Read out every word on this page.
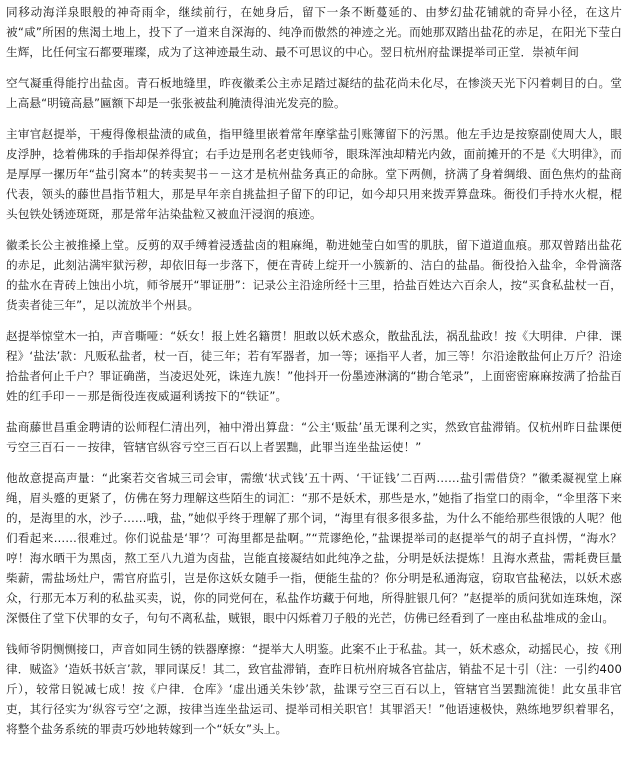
同移动海洋泉眼般的神奇雨伞，继续前行，在她身后，留下一条不断蔓延的、由梦幻盐花铺就的奇异小径，在这片被“咸”所困的焦渴土地上，投下了一道来自深海的、纯净而傲然的神迹之光。而她那双踏出盐花的赤足，在阳光下莹白生辉，比任何宝石都要璀璨，成为了这神迹最生动、最不可思议的中心。翌日杭州府盐课提举司正堂．崇祯年间

空气凝重得能拧出盐卤。青石板地缝里，昨夜徽柔公主赤足踏过凝结的盐花尚未化尽，在惨淡天光下闪着刺目的白。堂上高悬“明镜高悬”匾额下却是一张张被盐利腌渍得油光发亮的脸。

主审官赵提举，干瘦得像根盐渍的咸鱼，指甲缝里嵌着常年摩挲盐引账簿留下的污黑。他左手边是按察副使周大人，眼皮浮肿，捻着佛珠的手指却保养得宜；右手边是刑名老吏钱师爷，眼珠浑浊却精光内敛，面前摊开的不是《大明律》，而是厚厚一摞历年“盐引窝本”的转卖契书－－这才是杭州盐务真正的命脉。堂下两侧，挤满了身着绸缎、面色焦灼的盐商代表，领头的藤世昌指节粗大，那是早年亲自挑盐担子留下的印记，如今却只用来拨弄算盘珠。衙役们手持水火棍，棍头包铁处锈迹斑斑，那是常年沾染盐粒又被血汗浸润的痕迹。

徽柔长公主被推搡上堂。反剪的双手缚着浸透盐卤的粗麻绳，勒进她莹白如雪的肌肤，留下道道血痕。那双曾踏出盐花的赤足，此刻沾满牢狱污秽，却依旧每一步落下，便在青砖上绽开一小簇新的、洁白的盐晶。衙役拾入盐伞，伞骨滴落的盐水在青砖上蚀出小坑，师爷展开“罪证册”：记录公主沿途所经十三里，拾盐百姓达六百余人，按“买食私盐杖一百，货卖者徒三年”，足以流放半个州县。

赵提举惊堂木一拍，声音嘶哑：“妖女！报上姓名籍贯！胆敢以妖术惑众，散盐乱法，祸乱盐政！按《大明律．户律．课程》‘盐法’款：凡贩私盐者，杖一百，徒三年；若有军器者，加一等；诬指平人者，加三等！尔沿途散盐何止万斤？沿途拾盐者何止千户？罪证确凿，当凌迟处死，诛连九族！”他抖开一份墨迹淋漓的“勘合笔录”，上面密密麻麻按满了拾盐百姓的红手印－－那是衙役连夜威逼利诱按下的“铁证”。

盐商藤世昌重金聘请的讼师程仁清出列，袖中滑出算盘：“公主‘贩盐’虽无课利之实，然致官盐滞销。仅杭州昨日盐课便亏空三百石－－按律，管辖官纵容亏空三百石以上者罢黜，此罪当连坐盐运使！”

他故意提高声量：“此案若交省城三司会审，需缴‘状式钱’五十两、‘干证钱’二百两……盐引需借贷？”徽柔凝视堂上麻绳，眉头蹙的更紧了，仿佛在努力理解这些陌生的词汇：“那不是妖术，那些是水，”她指了指堂口的雨伞，“伞里落下来的，是海里的水，沙子……哦，盐，”她似乎终于理解了那个词，“海里有很多很多盐，为什么不能给那些很饿的人呢？他们看起来……很难过。你们说盐是‘罪’？可海里都是盐啊。”“荒谬绝伦，”盐课提举司的赵提举气的胡子直抖愣，“海水？哼！海水晒干为黑卤，熬工至八九道为卤盐，岂能直接凝结如此纯净之盐，分明是妖法提炼！且海水煮盐，需耗费巨量柴薪，需盐场灶户，需官府监引，岂是你这妖女随手一指，便能生盐的？你分明是私通海寇，窃取官盐秘法，以妖术惑众，行那无本万利的私盐买卖，说，你的同党何在，私盐作坊藏于何地，所得脏银几何？”赵提举的质问犹如连珠炮，深深慑住了堂下伏罪的女子，句句不离私盐，贼银，眼中闪烁着刀子般的光芒，仿佛已经看到了一座由私盐堆成的金山。

钱师爷阴恻恻接口，声音如同生锈的铁器摩擦：“提举大人明鉴。此案不止于私盐。其一，妖术惑众，动摇民心，按《刑律．贼盗》‘造妖书妖言’款，罪同谋反！其二，致官盐滞销，查昨日杭州府城各官盐店，销盐不足十引（注：一引约400斤），较常日锐减七成！按《户律．仓库》‘虚出通关朱钞’款，盐课亏空三百石以上，管辖官当罢黜流徙！此女虽非官吏，其行径实为‘纵容亏空’之源，按律当连坐盐运司、提举司相关职官！其罪滔天！”他语速极快，熟练地罗织着罪名，将整个盐务系统的罪责巧妙地转嫁到一个“妖女”头上。
